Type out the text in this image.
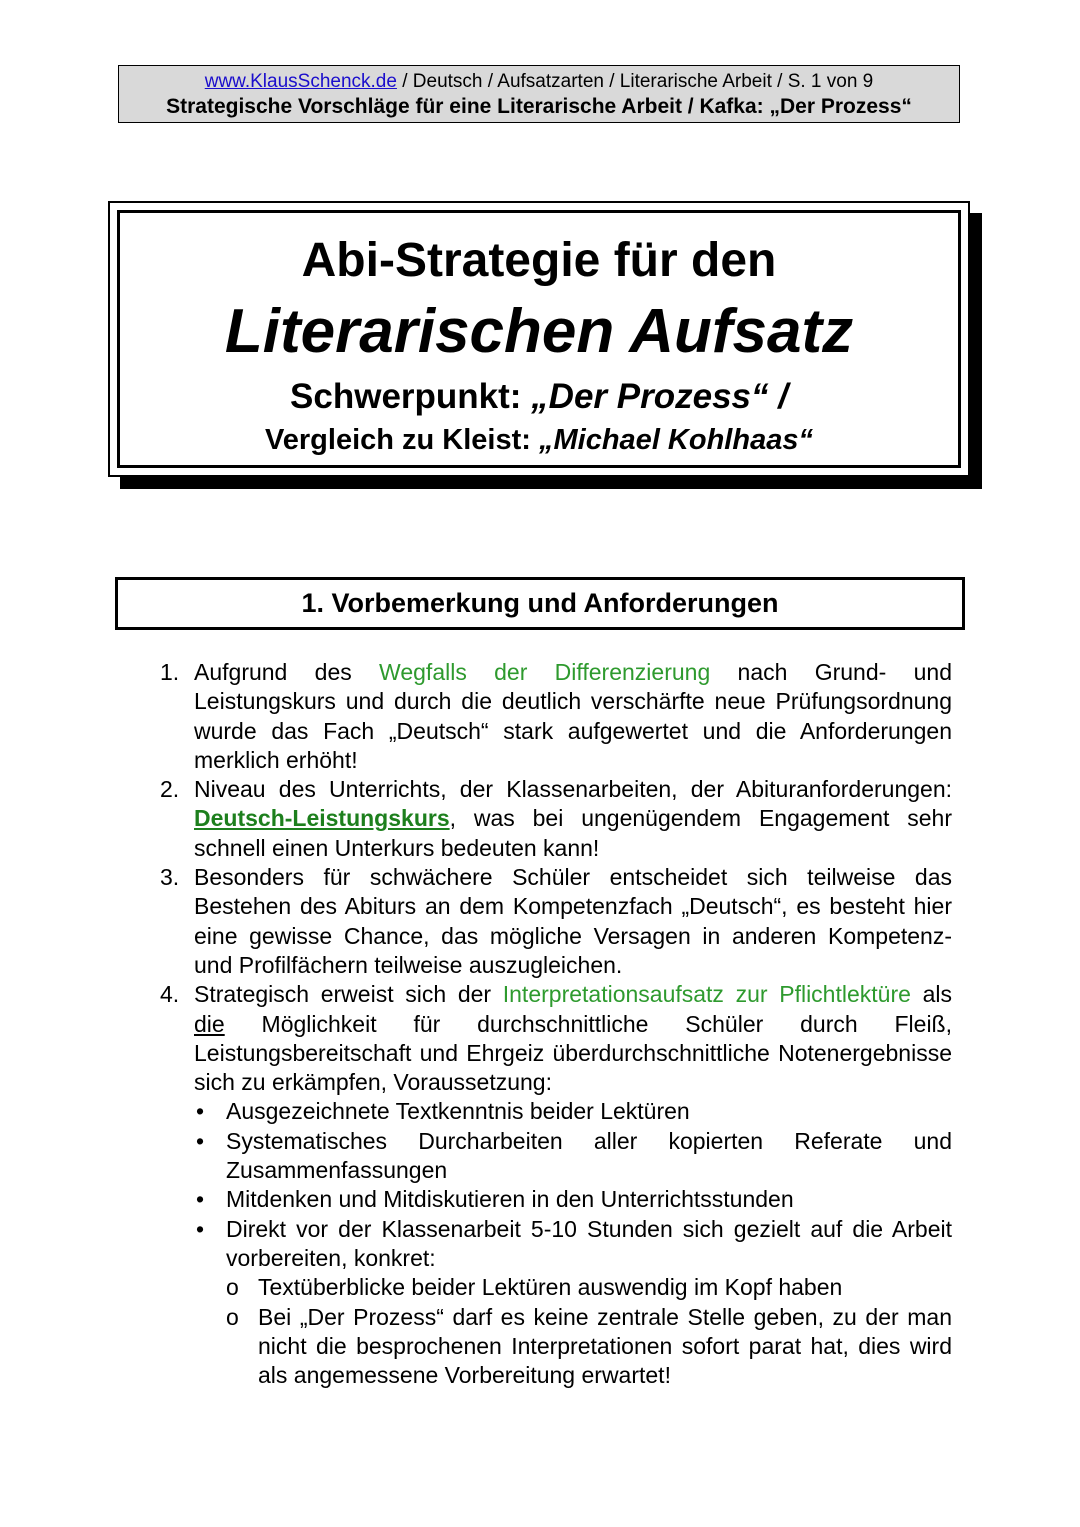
www.KlausSchenck.de / Deutsch / Aufsatzarten / Literarische Arbeit / S. 1 von 9
Strategische Vorschläge für eine Literarische Arbeit / Kafka: „Der Prozess“
Abi-Strategie für den
Literarischen Aufsatz
Schwerpunkt: „Der Prozess“ /
Vergleich zu Kleist: „Michael Kohlhaas“
1. Vorbemerkung und Anforderungen
1. Aufgrund des Wegfalls der Differenzierung nach Grund- und Leistungskurs und durch die deutlich verschärfte neue Prüfungsordnung wurde das Fach „Deutsch“ stark aufgewertet und die Anforderungen merklich erhöht!
2. Niveau des Unterrichts, der Klassenarbeiten, der Abituranforderungen: Deutsch-Leistungskurs, was bei ungenügendem Engagement sehr schnell einen Unterkurs bedeuten kann!
3. Besonders für schwächere Schüler entscheidet sich teilweise das Bestehen des Abiturs an dem Kompetenzfach „Deutsch“, es besteht hier eine gewisse Chance, das mögliche Versagen in anderen Kompetenz- und Profilfächern teilweise auszugleichen.
4. Strategisch erweist sich der Interpretationsaufsatz zur Pflichtlektüre als die Möglichkeit für durchschnittliche Schüler durch Fleiß, Leistungsbereitschaft und Ehrgeiz überdurchschnittliche Notenergebnisse sich zu erkämpfen, Voraussetzung:
• Ausgezeichnete Textkenntnis beider Lektüren
• Systematisches Durcharbeiten aller kopierten Referate und Zusammenfassungen
• Mitdenken und Mitdiskutieren in den Unterrichtsstunden
• Direkt vor der Klassenarbeit 5-10 Stunden sich gezielt auf die Arbeit vorbereiten, konkret:
o Textüberblicke beider Lektüren auswendig im Kopf haben
o Bei „Der Prozess“ darf es keine zentrale Stelle geben, zu der man nicht die besprochenen Interpretationen sofort parat hat, dies wird als angemessene Vorbereitung erwartet!
